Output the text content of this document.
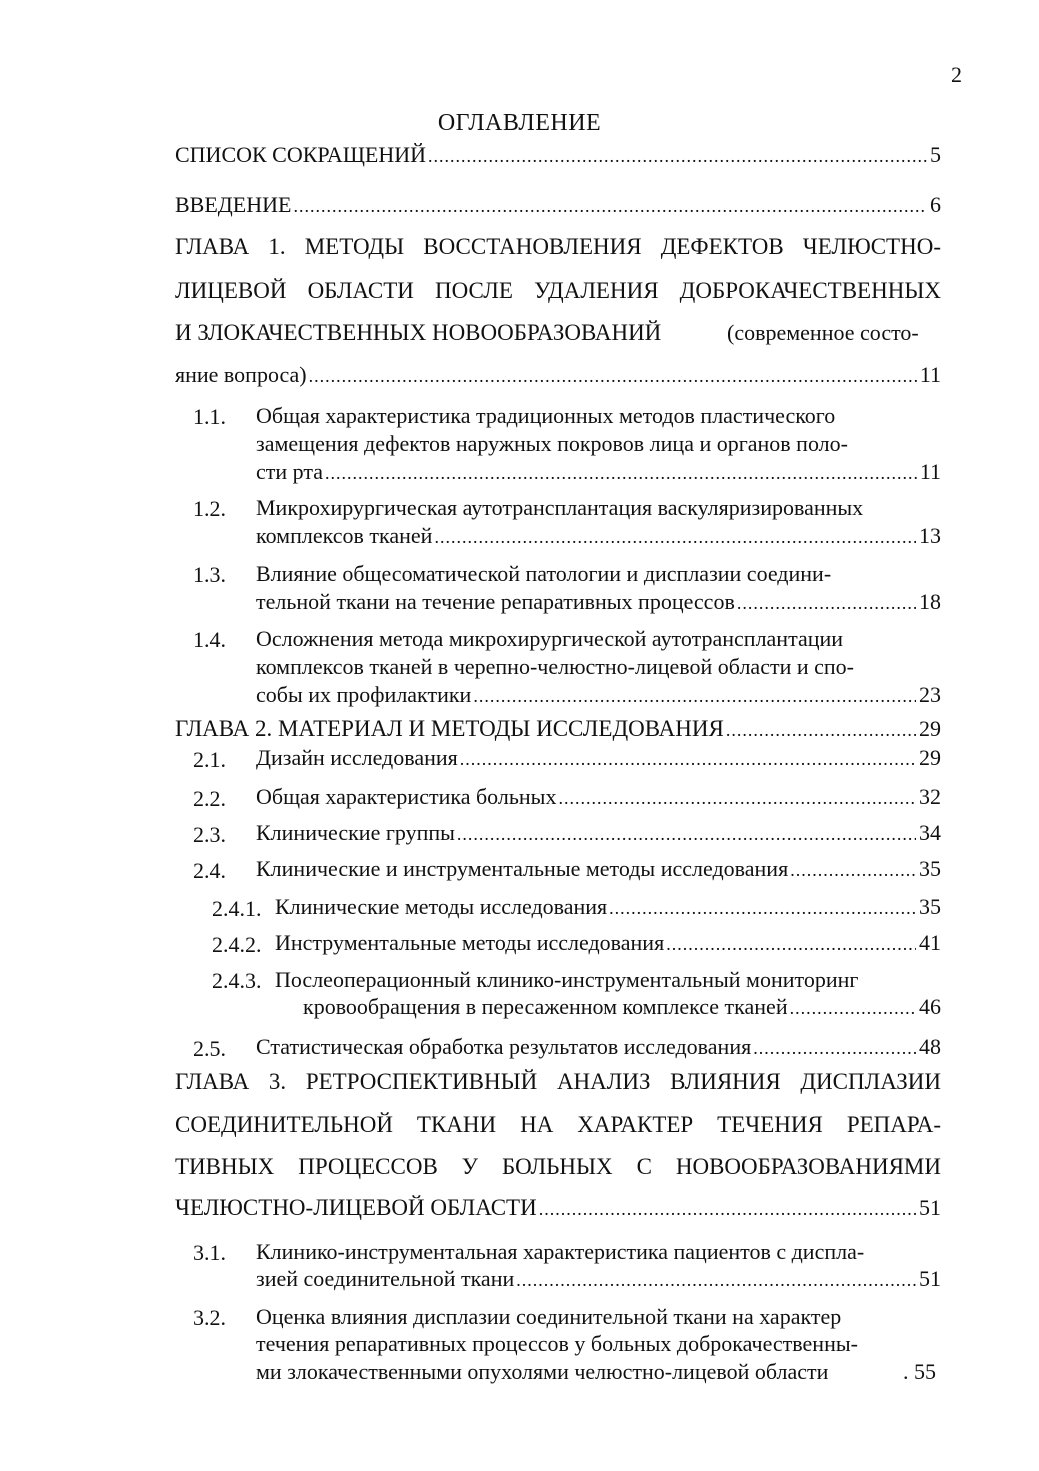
2
ОГЛАВЛЕНИЕ
СПИСОК СОКРАЩЕНИЙ .....	5
ВВЕДЕНИЕ .....	6
ГЛАВА 1. МЕТОДЫ ВОССТАНОВЛЕНИЯ ДЕФЕКТОВ ЧЕЛЮСТНО-
ЛИЦЕВОЙ ОБЛАСТИ ПОСЛЕ УДАЛЕНИЯ ДОБРОКАЧЕСТВЕННЫХ
И ЗЛОКАЧЕСТВЕННЫХ НОВООБРАЗОВАНИЙ	(современное состо-
яние вопроса) .....	11
1.1. Общая характеристика традиционных методов пластического
замещения дефектов наружных покровов лица и органов поло-
сти рта .....	11
1.2. Микрохирургическая аутотрансплантация васкуляризированных
комплексов тканей .....	13
1.3. Влияние общесоматической патологии и дисплазии соедини-
тельной ткани на течение репаративных процессов .....	18
1.4. Осложнения метода микрохирургической аутотрансплантации
комплексов тканей в черепно-челюстно-лицевой области и спо-
собы их профилактики .....	23
ГЛАВА 2. МАТЕРИАЛ И МЕТОДЫ ИССЛЕДОВАНИЯ .....	29
2.1. Дизайн исследования .....	29
2.2. Общая характеристика больных .....	32
2.3. Клинические группы .....	34
2.4. Клинические и инструментальные методы исследования .....	35
2.4.1. Клинические методы исследования .....	35
2.4.2. Инструментальные методы исследования .....	41
2.4.3. Послеоперационный клинико-инструментальный мониторинг
кровообращения в пересаженном комплексе тканей .....	46
2.5. Статистическая обработка результатов исследования .....	48
ГЛАВА 3. РЕТРОСПЕКТИВНЫЙ АНАЛИЗ ВЛИЯНИЯ ДИСПЛАЗИИ
СОЕДИНИТЕЛЬНОЙ ТКАНИ НА ХАРАКТЕР ТЕЧЕНИЯ РЕПАРА-
ТИВНЫХ ПРОЦЕССОВ У БОЛЬНЫХ С НОВООБРАЗОВАНИЯМИ
ЧЕЛЮСТНО-ЛИЦЕВОЙ ОБЛАСТИ .....	51
3.1. Клинико-инструментальная характеристика пациентов с диспла-
зией соединительной ткани .....	51
3.2. Оценка влияния дисплазии соединительной ткани на характер
течения репаративных процессов у больных доброкачественны-
ми злокачественными опухолями челюстно-лицевой области	. 55
